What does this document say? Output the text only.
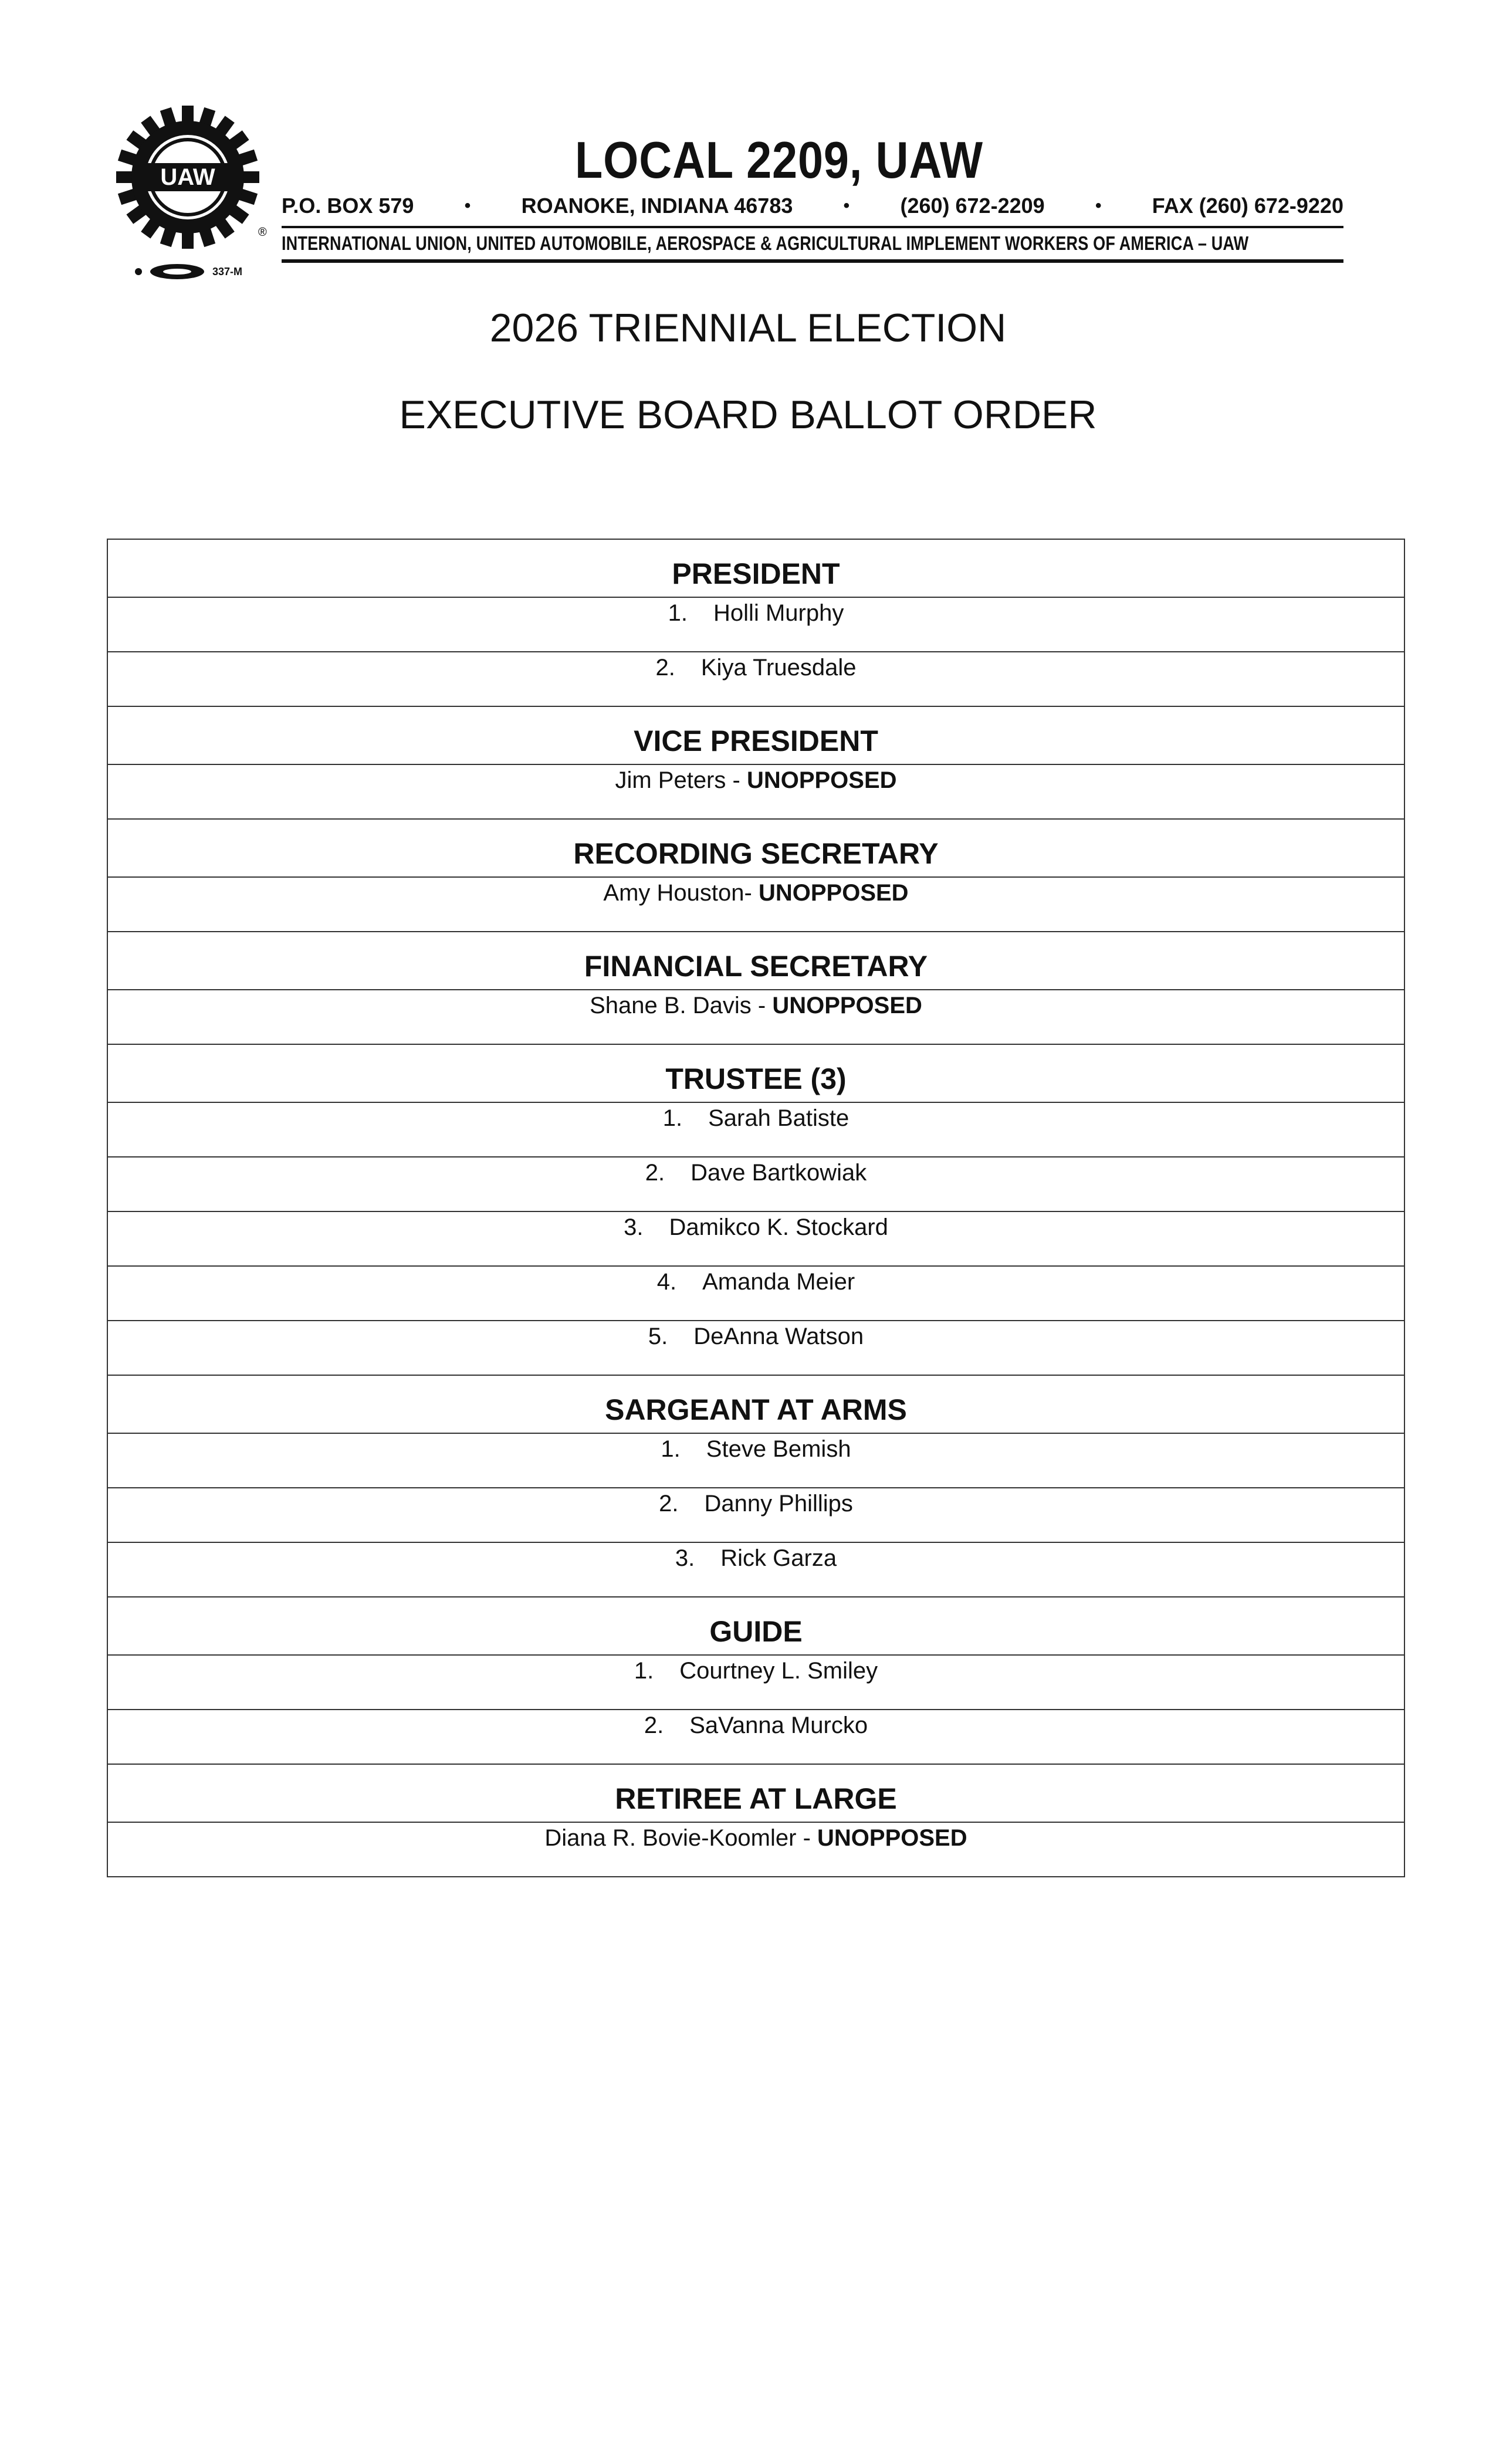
UAW
®
337-M
LOCAL 2209, UAW
P.O. BOX 579	• ROANOKE, INDIANA 46783	• (260) 672-2209	• FAX (260) 672-9220
INTERNATIONAL UNION, UNITED AUTOMOBILE, AEROSPACE & AGRICULTURAL IMPLEMENT WORKERS OF AMERICA – UAW
2026 TRIENNIAL ELECTION
EXECUTIVE BOARD BALLOT ORDER
PRESIDENT
1. Holli Murphy
2. Kiya Truesdale
VICE PRESIDENT
Jim Peters - UNOPPOSED
RECORDING SECRETARY
Amy Houston- UNOPPOSED
FINANCIAL SECRETARY
Shane B. Davis - UNOPPOSED
TRUSTEE (3)
1. Sarah Batiste
2. Dave Bartkowiak
3. Damikco K. Stockard
4. Amanda Meier
5. DeAnna Watson
SARGEANT AT ARMS
1. Steve Bemish
2. Danny Phillips
3. Rick Garza
GUIDE
1. Courtney L. Smiley
2. SaVanna Murcko
RETIREE AT LARGE
Diana R. Bovie-Koomler - UNOPPOSED
